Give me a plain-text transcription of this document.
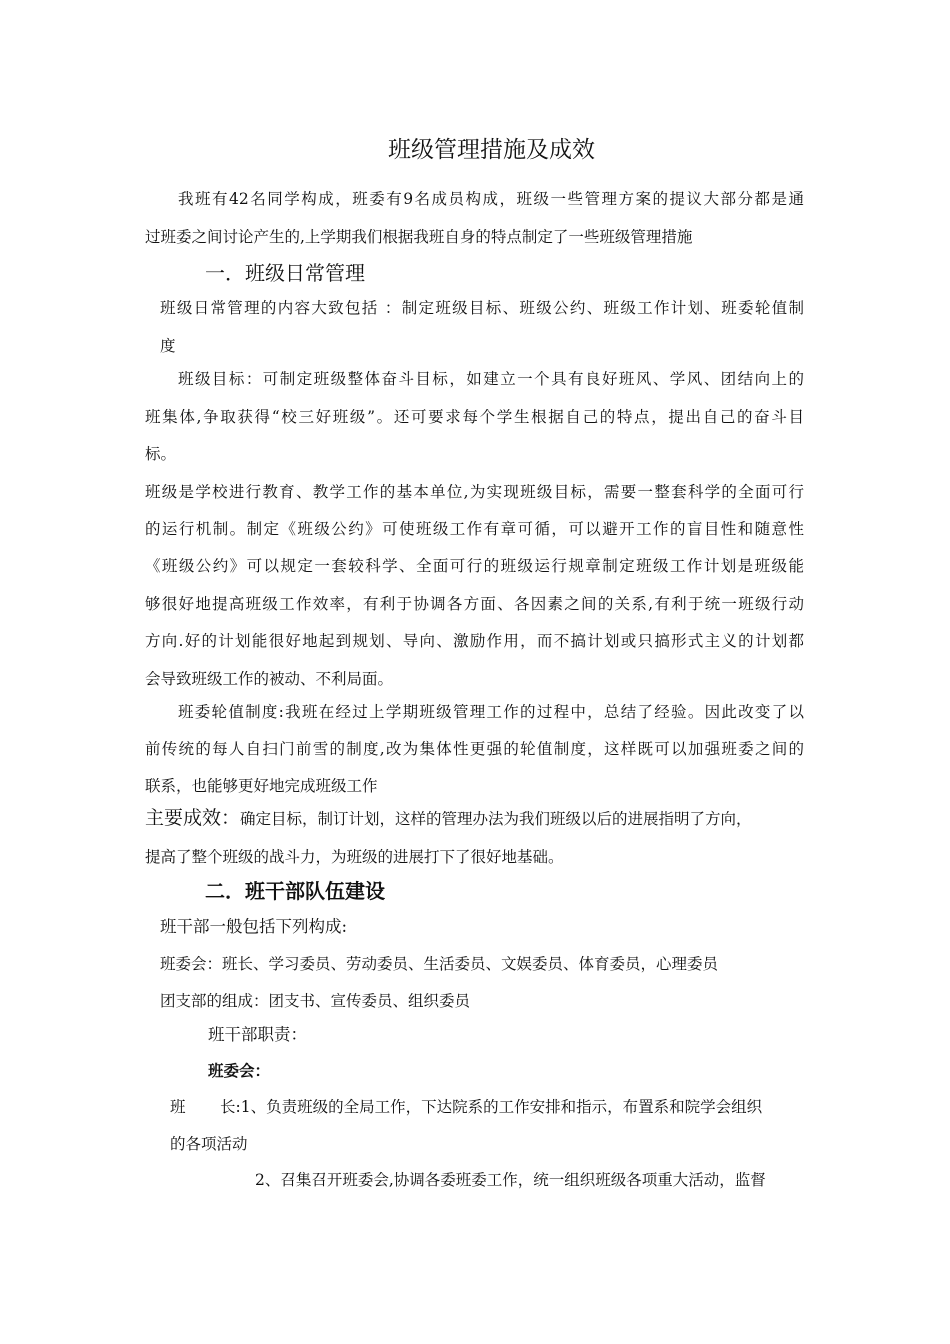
班级管理措施及成效
我班有42名同学构成，班委有9名成员构成，班级一些管理方案的提议大部分都是通
过班委之间讨论产生的,上学期我们根据我班自身的特点制定了一些班级管理措施
一．班级日常管理
班级日常管理的内容大致包括 ：制定班级目标、班级公约、班级工作计划、班委轮值制
度
班级目标：可制定班级整体奋斗目标，如建立一个具有良好班风、学风、团结向上的
班集体,争取获得“校三好班级”。还可要求每个学生根据自己的特点，提出自己的奋斗目
标。
班级是学校进行教育、教学工作的基本单位,为实现班级目标，需要一整套科学的全面可行
的运行机制。制定《班级公约》可使班级工作有章可循，可以避开工作的盲目性和随意性
《班级公约》可以规定一套较科学、全面可行的班级运行规章制定班级工作计划是班级能
够很好地提高班级工作效率，有利于协调各方面、各因素之间的关系,有利于统一班级行动
方向.好的计划能很好地起到规划、导向、激励作用，而不搞计划或只搞形式主义的计划都
会导致班级工作的被动、不利局面。
班委轮值制度:我班在经过上学期班级管理工作的过程中，总结了经验。因此改变了以
前传统的每人自扫门前雪的制度,改为集体性更强的轮值制度，这样既可以加强班委之间的
联系，也能够更好地完成班级工作
主要成效：确定目标，制订计划，这样的管理办法为我们班级以后的进展指明了方向，
提高了整个班级的战斗力，为班级的进展打下了很好地基础。
二．班干部队伍建设
班干部一般包括下列构成:
班委会：班长、学习委员、劳动委员、生活委员、文娱委员、体育委员，心理委员
团支部的组成：团支书、宣传委员、组织委员
班干部职责：
班委会：
班 长:1、负责班级的全局工作，下达院系的工作安排和指示，布置系和院学会组织
的各项活动
2、召集召开班委会,协调各委班委工作，统一组织班级各项重大活动，监督
